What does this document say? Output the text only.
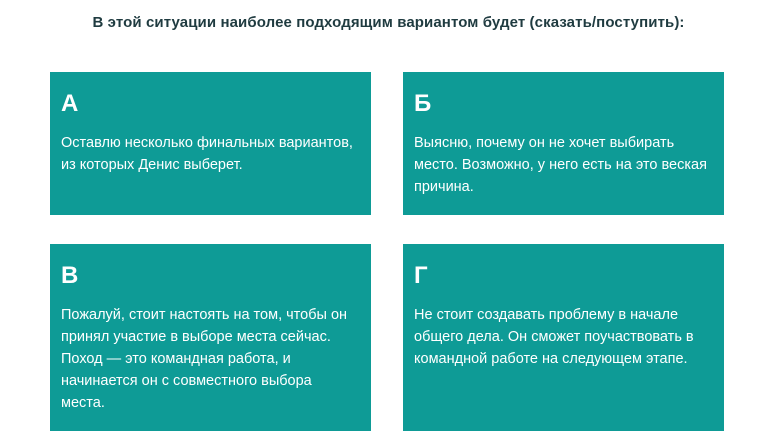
В этой ситуации наиболее подходящим вариантом будет (сказать/поступить):
А
Оставлю несколько финальных вариантов, из которых Денис выберет.
Б
Выясню, почему он не хочет выбирать место. Возможно, у него есть на это веская причина.
В
Пожалуй, стоит настоять на том, чтобы он принял участие в выборе места сейчас. Поход — это командная работа, и начинается он с совместного выбора места.
Г
Не стоит создавать проблему в начале общего дела. Он сможет поучаствовать в командной работе на следующем этапе.
